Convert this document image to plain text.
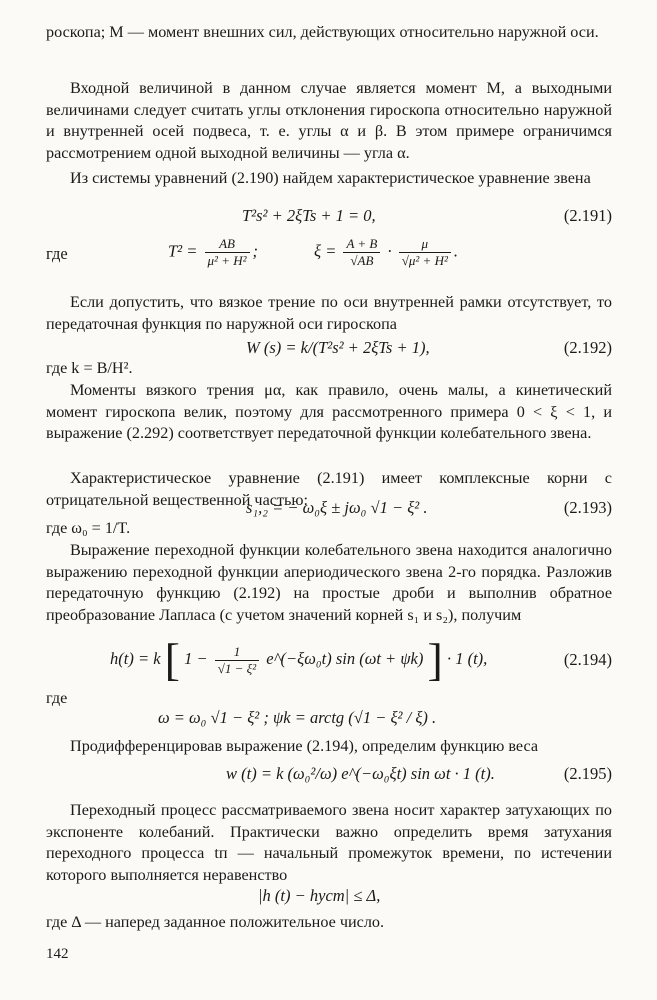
роскопа; M — момент внешних сил, действующих относительно наружной оси.
Входной величиной в данном случае является момент M, а выходными величинами следует считать углы отклонения гироскопа относительно наружной и внутренней осей подвеса, т. е. углы α и β. В этом примере ограничимся рассмотрением одной выходной величины — угла α.
Из системы уравнений (2.190) найдем характеристическое уравнение звена
T²s² + 2ξTs + 1 = 0,	(2.191)
где	$T^2 = \frac{AB}{\text{μ² + H²}}$ ;	$\xi = \frac{A + B}{√AB} \cdot \frac{\mu}{\text{√μ² + H²}}$ .
Если допустить, что вязкое трение по оси внутренней рамки отсутствует, то передаточная функция по наружной оси гироскопа
W (s) = k/(T²s² + 2ξTs + 1),	(2.192)
где k = B/H².
Моменты вязкого трения μα, как правило, очень малы, а кинетический момент гироскопа велик, поэтому для рассмотренного примера 0 < ξ < 1, и выражение (2.292) соответствует передаточной функции колебательного звена.
Характеристическое уравнение (2.191) имеет комплексные корни с отрицательной вещественной частью:
s₁,₂ = − ω₀ξ ± jω₀ √1 − ξ² .	(2.193)
где ω₀ = 1/T.
Выражение переходной функции колебательного звена находится аналогично выражению переходной функции апериодического звена 2-го порядка. Разложив передаточную функцию (2.192) на простые дроби и выполнив обратное преобразование Лапласа (с учетом значений корней s₁ и s₂), получим
h(t) = k [ $1 - \frac{1}{\text{√1 − ξ²}}$ e^(−ξω₀t) sin (ωt + ψk) ] · 1 (t),	(2.194)
где
ω = ω₀ √1 − ξ² ; ψk = arctg (√1 − ξ² / ξ) .
Продифференцировав выражение (2.194), определим функцию веса
w (t) = k (ω₀²/ω) e^(−ω₀ξt) sin ωt · 1 (t).	(2.195)
Переходный процесс рассматриваемого звена носит характер затухающих по экспоненте колебаний. Практически важно определить время затухания переходного процесса tп — начальный промежуток времени, по истечении которого выполняется неравенство
|h (t) − hуст| ≤ Δ,
где Δ — наперед заданное положительное число.
142
